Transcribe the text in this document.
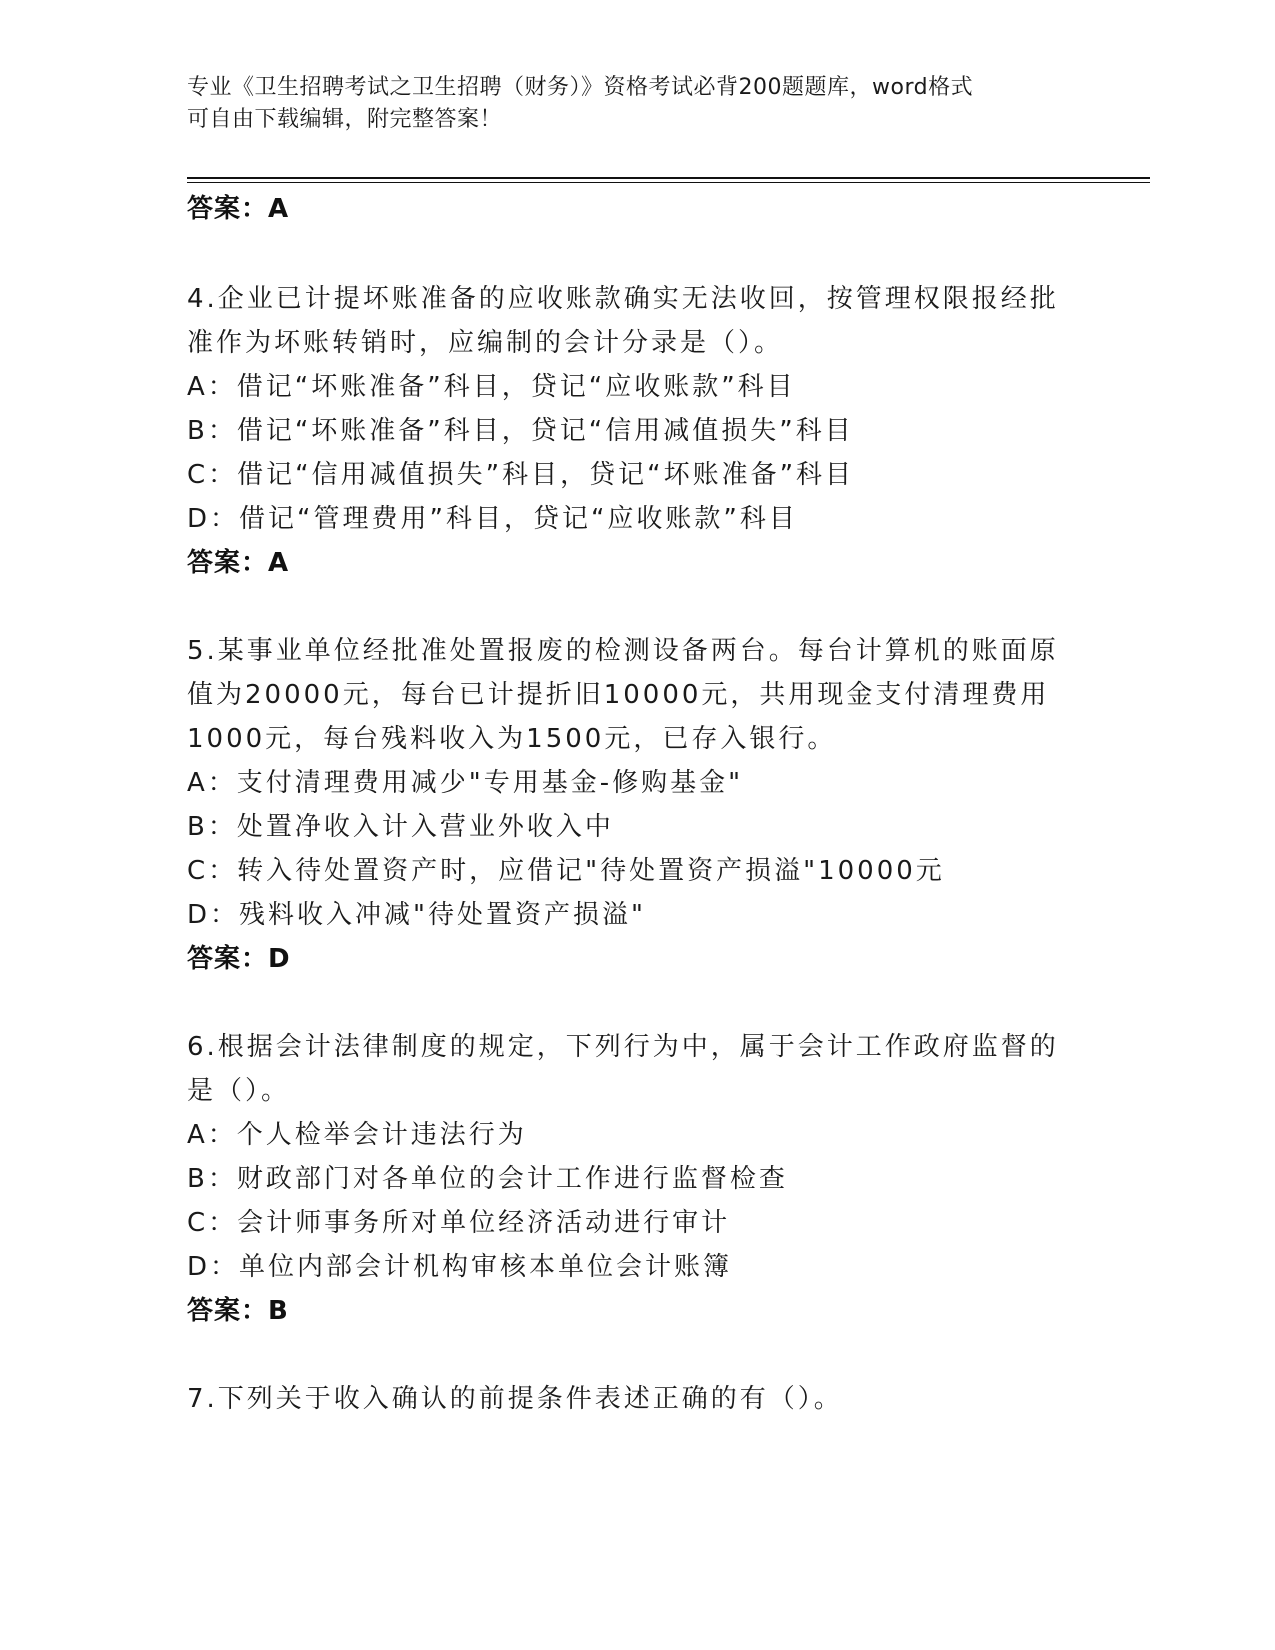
专业《卫生招聘考试之卫生招聘（财务）》资格考试必背200题题库，word格式
可自由下载编辑，附完整答案！
答案：A
4.企业已计提坏账准备的应收账款确实无法收回，按管理权限报经批
准作为坏账转销时，应编制的会计分录是（）。
A：借记“坏账准备”科目，贷记“应收账款”科目
B：借记“坏账准备”科目，贷记“信用减值损失”科目
C：借记“信用减值损失”科目，贷记“坏账准备”科目
D：借记“管理费用”科目，贷记“应收账款”科目
答案：A
5.某事业单位经批准处置报废的检测设备两台。每台计算机的账面原
值为20000元，每台已计提折旧10000元，共用现金支付清理费用
1000元，每台残料收入为1500元，已存入银行。
A：支付清理费用减少"专用基金-修购基金"
B：处置净收入计入营业外收入中
C：转入待处置资产时，应借记"待处置资产损溢"10000元
D：残料收入冲减"待处置资产损溢"
答案：D
6.根据会计法律制度的规定，下列行为中，属于会计工作政府监督的
是（）。
A：个人检举会计违法行为
B：财政部门对各单位的会计工作进行监督检查
C：会计师事务所对单位经济活动进行审计
D：单位内部会计机构审核本单位会计账簿
答案：B
7.下列关于收入确认的前提条件表述正确的有（）。
